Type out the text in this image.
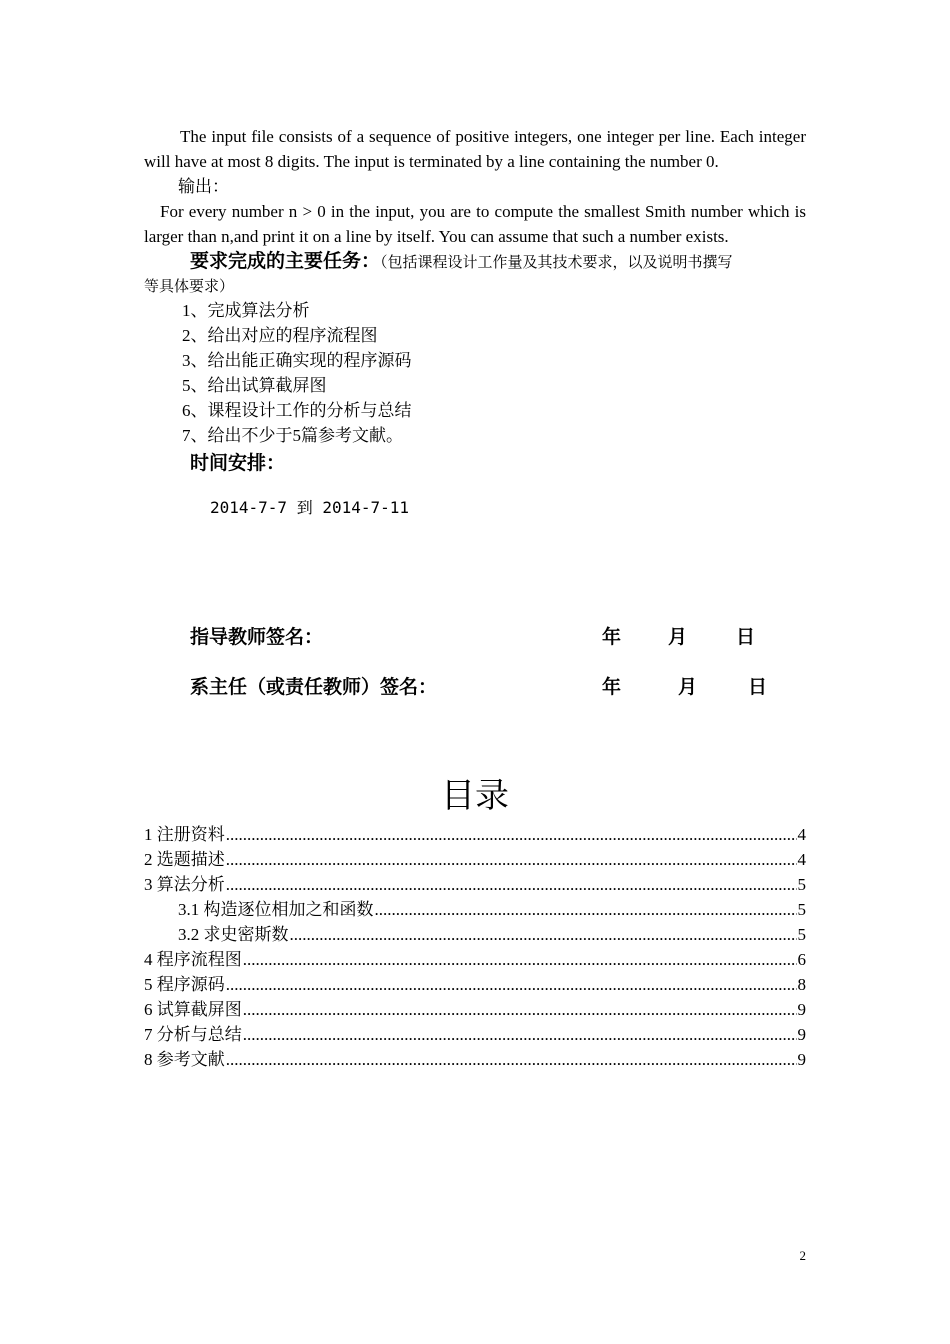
The input file consists of a sequence of positive integers, one integer per line. Each integer will have at most 8 digits. The input is terminated by a line containing the number 0.

输出：

For every number n > 0 in the input, you are to compute the smallest Smith number which is larger than n,and print it on a line by itself. You can assume that such a number exists.

要求完成的主要任务：（包括课程设计工作量及其技术要求，以及说明书撰写

等具体要求）

1、完成算法分析
2、给出对应的程序流程图
3、给出能正确实现的程序源码
5、给出试算截屏图
6、课程设计工作的分析与总结
7、给出不少于5篇参考文献。

时间安排：

2014-7-7 到 2014-7-11

指导教师签名：	年 月	日
系主任（或责任教师）签名：	年	月	日
目录
1 注册资料 .....	4
2 选题描述 .....	4
3 算法分析 .....	5
3.1 构造逐位相加之和函数 .....	5
3.2 求史密斯数 .....	5
4 程序流程图 .....	6
5 程序源码 .....	8
6 试算截屏图 .....	9
7 分析与总结 .....	9
8 参考文献 .....	9
2
